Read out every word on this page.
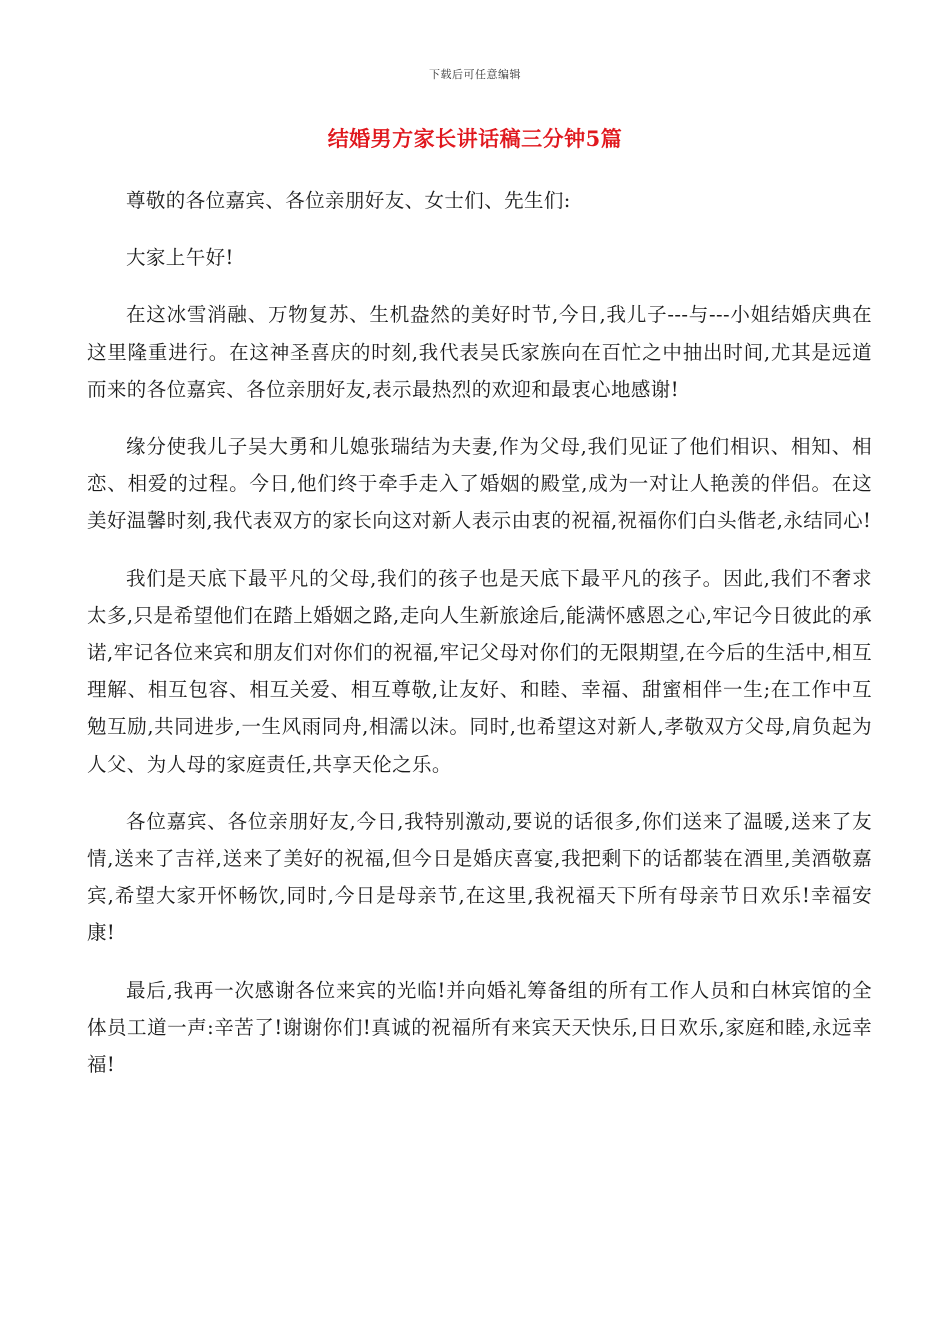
下载后可任意编辑
结婚男方家长讲话稿三分钟5篇

尊敬的各位嘉宾、各位亲朋好友、女士们、先生们:

大家上午好!

在这冰雪消融、万物复苏、生机盎然的美好时节,今日,我儿子---与---小姐结婚庆典在这里隆重进行。在这神圣喜庆的时刻,我代表吴氏家族向在百忙之中抽出时间,尤其是远道而来的各位嘉宾、各位亲朋好友,表示最热烈的欢迎和最衷心地感谢!

缘分使我儿子吴大勇和儿媳张瑞结为夫妻,作为父母,我们见证了他们相识、相知、相恋、相爱的过程。今日,他们终于牵手走入了婚姻的殿堂,成为一对让人艳羡的伴侣。在这美好温馨时刻,我代表双方的家长向这对新人表示由衷的祝福,祝福你们白头偕老,永结同心!

我们是天底下最平凡的父母,我们的孩子也是天底下最平凡的孩子。因此,我们不奢求太多,只是希望他们在踏上婚姻之路,走向人生新旅途后,能满怀感恩之心,牢记今日彼此的承诺,牢记各位来宾和朋友们对你们的祝福,牢记父母对你们的无限期望,在今后的生活中,相互理解、相互包容、相互关爱、相互尊敬,让友好、和睦、幸福、甜蜜相伴一生;在工作中互勉互励,共同进步,一生风雨同舟,相濡以沫。同时,也希望这对新人,孝敬双方父母,肩负起为人父、为人母的家庭责任,共享天伦之乐。

各位嘉宾、各位亲朋好友,今日,我特别激动,要说的话很多,你们送来了温暖,送来了友情,送来了吉祥,送来了美好的祝福,但今日是婚庆喜宴,我把剩下的话都装在酒里,美酒敬嘉宾,希望大家开怀畅饮,同时,今日是母亲节,在这里,我祝福天下所有母亲节日欢乐!幸福安康!

最后,我再一次感谢各位来宾的光临!并向婚礼筹备组的所有工作人员和白林宾馆的全体员工道一声:辛苦了!谢谢你们!真诚的祝福所有来宾天天快乐,日日欢乐,家庭和睦,永远幸福!
